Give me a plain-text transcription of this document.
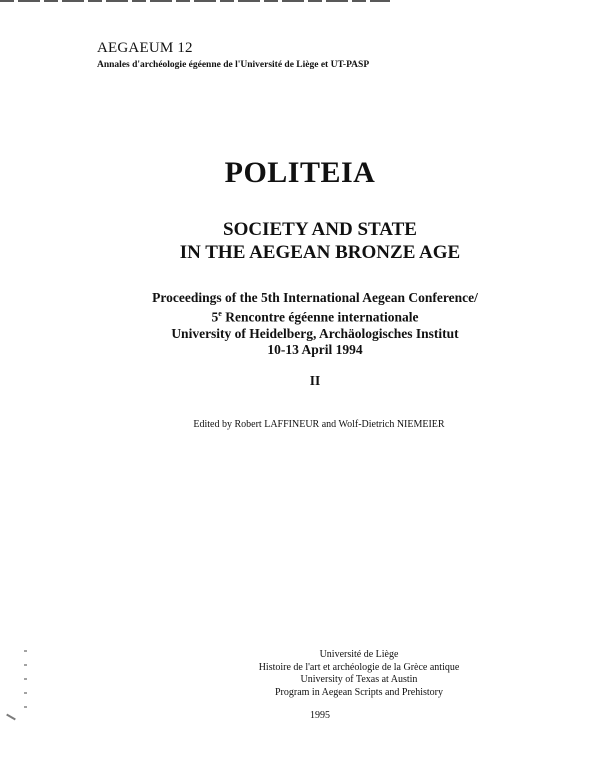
AEGAEUM 12
Annales d'archéologie égéenne de l'Université de Liège et UT-PASP
POLITEIA
SOCIETY AND STATE
IN THE AEGEAN BRONZE AGE
Proceedings of the 5th International Aegean Conference/
5e Rencontre égéenne internationale
University of Heidelberg, Archäologisches Institut
10-13 April 1994
II
Edited by Robert LAFFINEUR and Wolf-Dietrich NIEMEIER
Université de Liège
Histoire de l'art et archéologie de la Grèce antique
University of Texas at Austin
Program in Aegean Scripts and Prehistory
1995
